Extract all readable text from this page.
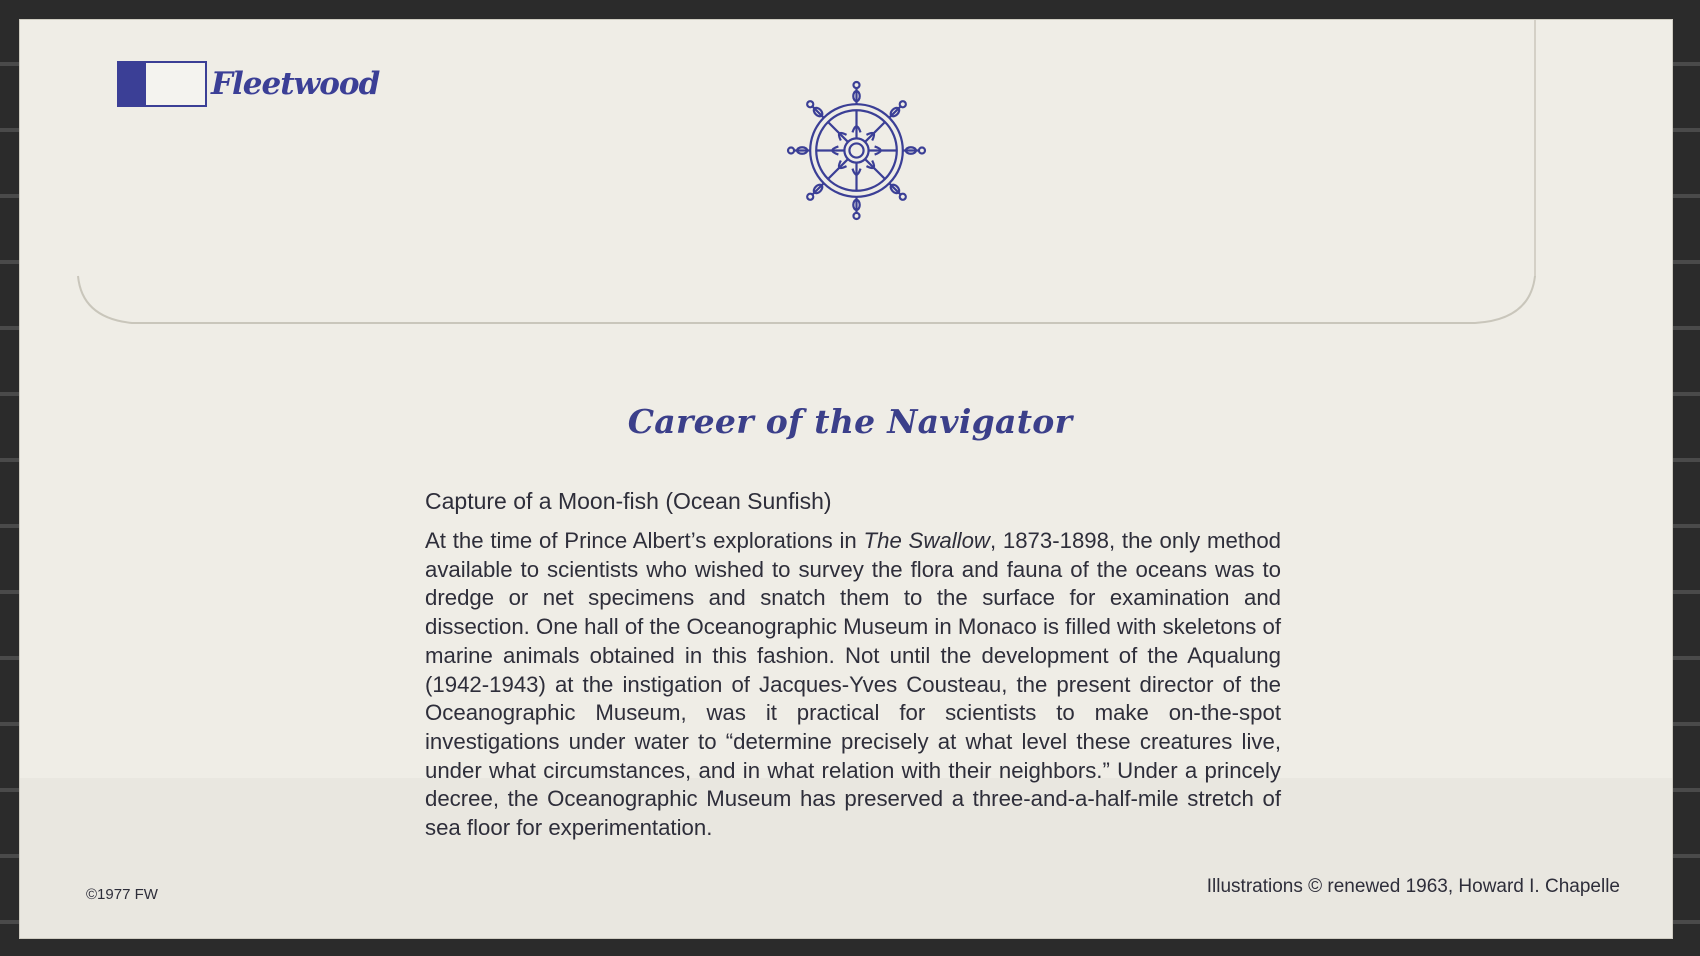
Fleetwood
Career of the Navigator
Capture of a Moon-fish (Ocean Sunfish)
At the time of Prince Albert’s explorations in The Swallow, 1873-1898, the only method available to scientists who wished to survey the flora and fauna of the oceans was to dredge or net specimens and snatch them to the surface for examination and dissection. One hall of the Oceanographic Museum in Monaco is filled with skeletons of marine animals obtained in this fashion. Not until the development of the Aqualung (1942-1943) at the instigation of Jacques-Yves Cousteau, the present director of the Oceanographic Museum, was it practical for scientists to make on-the-spot investigations under water to “determine precisely at what level these creatures live, under what circumstances, and in what relation with their neighbors.” Under a princely decree, the Oceanographic Museum has preserved a three-and-a-half-mile stretch of sea floor for experimentation.
©1977 FW	Illustrations © renewed 1963, Howard I. Chapelle
